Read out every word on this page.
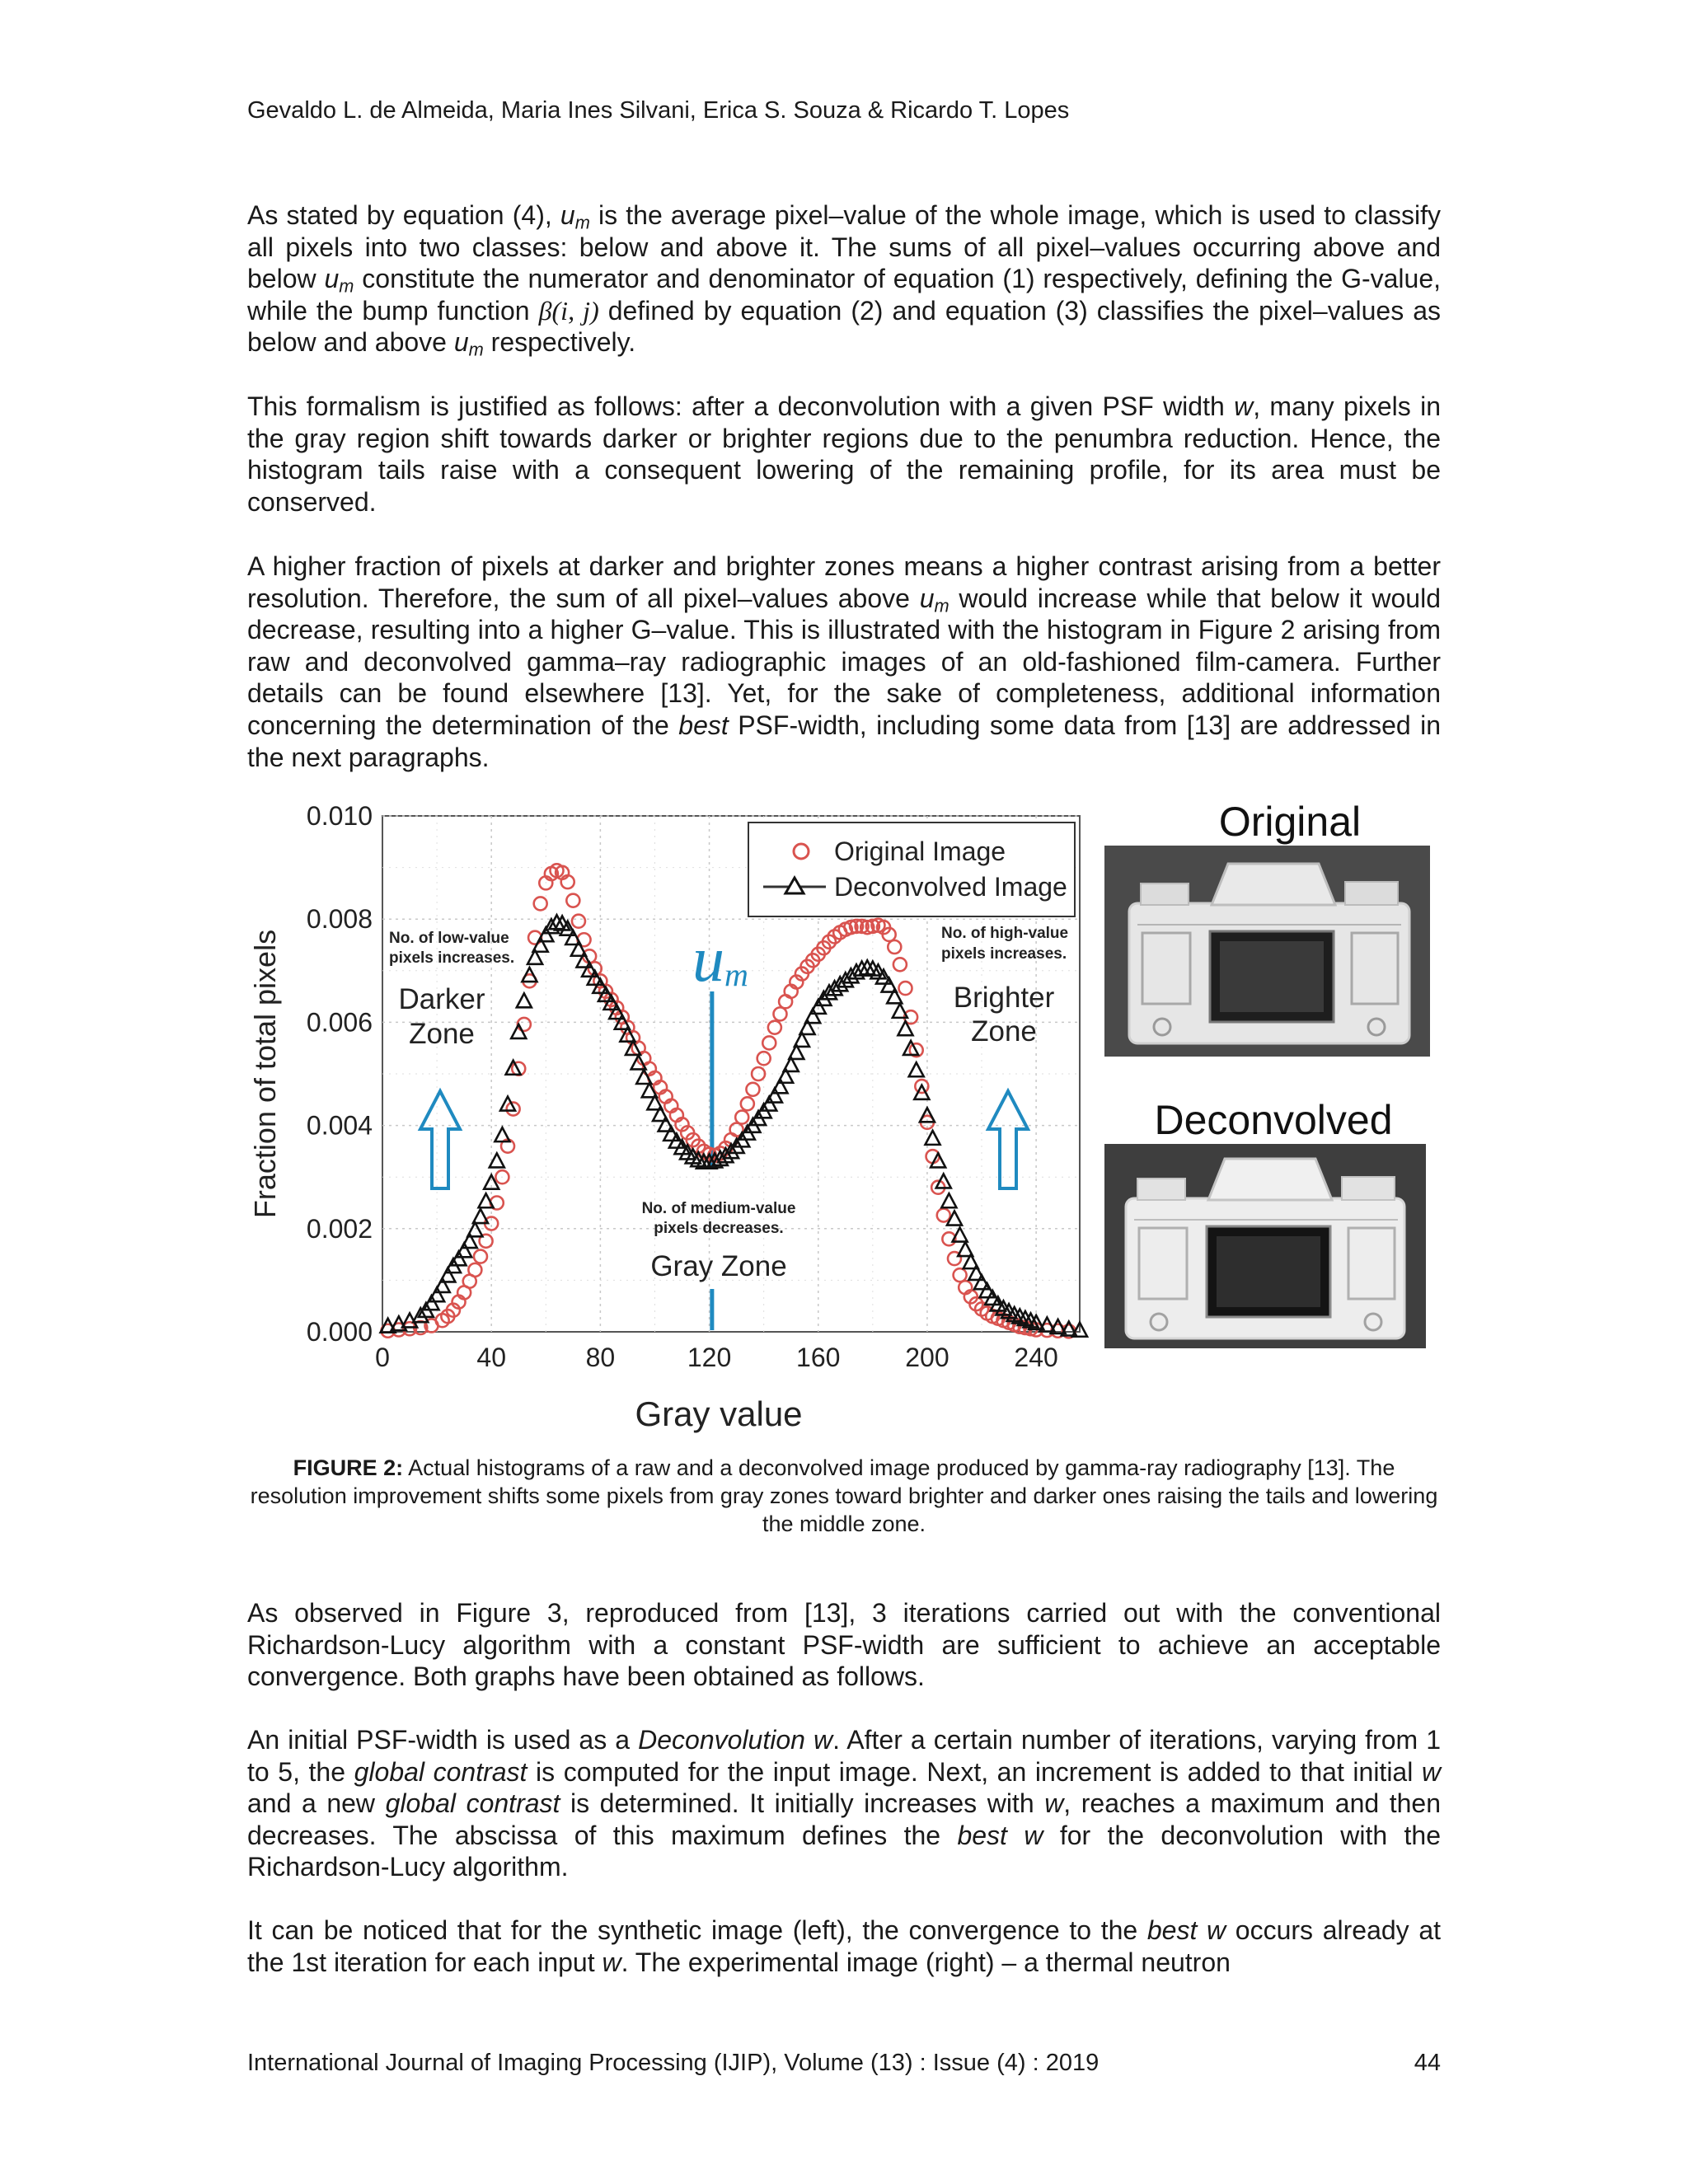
Gevaldo L. de Almeida, Maria Ines Silvani, Erica S. Souza & Ricardo T. Lopes

As stated by equation (4), $u_m$ is the average pixel–value of the whole image, which is used to classify all pixels into two classes: below and above it. The sums of all pixel–values occurring above and below $u_m$ constitute the numerator and denominator of equation (1) respectively, defining the G-value, while the bump function β(i, j) defined by equation (2) and equation (3) classifies the pixel–values as below and above $u_m$ respectively.

This formalism is justified as follows: after a deconvolution with a given PSF width w, many pixels in the gray region shift towards darker or brighter regions due to the penumbra reduction. Hence, the histogram tails raise with a consequent lowering of the remaining profile, for its area must be conserved.

A higher fraction of pixels at darker and brighter zones means a higher contrast arising from a better resolution. Therefore, the sum of all pixel–values above $u_m$ would increase while that below it would decrease, resulting into a higher G–value. This is illustrated with the histogram in Figure 2 arising from raw and deconvolved gamma–ray radiographic images of an old-fashioned film-camera. Further details can be found elsewhere [13]. Yet, for the sake of completeness, additional information concerning the determination of the best PSF-width, including some data from [13] are addressed in the next paragraphs.

0	40	80	120 160 200 240
0.000
0.002
0.004
0.006
0.008
0.010
Fraction of total pixels
Gray value
um
No. of low-value
pixels increases.
Darker
Zone
No. of high-value
pixels increases.
Brighter
Zone
No. of medium-value
pixels decreases.
Gray Zone
Original Image
Deconvolved Image
Original
Deconvolved

FIGURE 2: Actual histograms of a raw and a deconvolved image produced by gamma-ray radiography [13]. The resolution improvement shifts some pixels from gray zones toward brighter and darker ones raising the tails and lowering the middle zone.

As observed in Figure 3, reproduced from [13], 3 iterations carried out with the conventional Richardson-Lucy algorithm with a constant PSF-width are sufficient to achieve an acceptable convergence. Both graphs have been obtained as follows.

An initial PSF-width is used as a Deconvolution w. After a certain number of iterations, varying from 1 to 5, the global contrast is computed for the input image. Next, an increment is added to that initial w and a new global contrast is determined. It initially increases with w, reaches a maximum and then decreases. The abscissa of this maximum defines the best w for the deconvolution with the Richardson-Lucy algorithm.

It can be noticed that for the synthetic image (left), the convergence to the best w occurs already at the 1st iteration for each input w. The experimental image (right) – a thermal neutron

International Journal of Imaging Processing (IJIP), Volume (13) : Issue (4) : 2019	44
